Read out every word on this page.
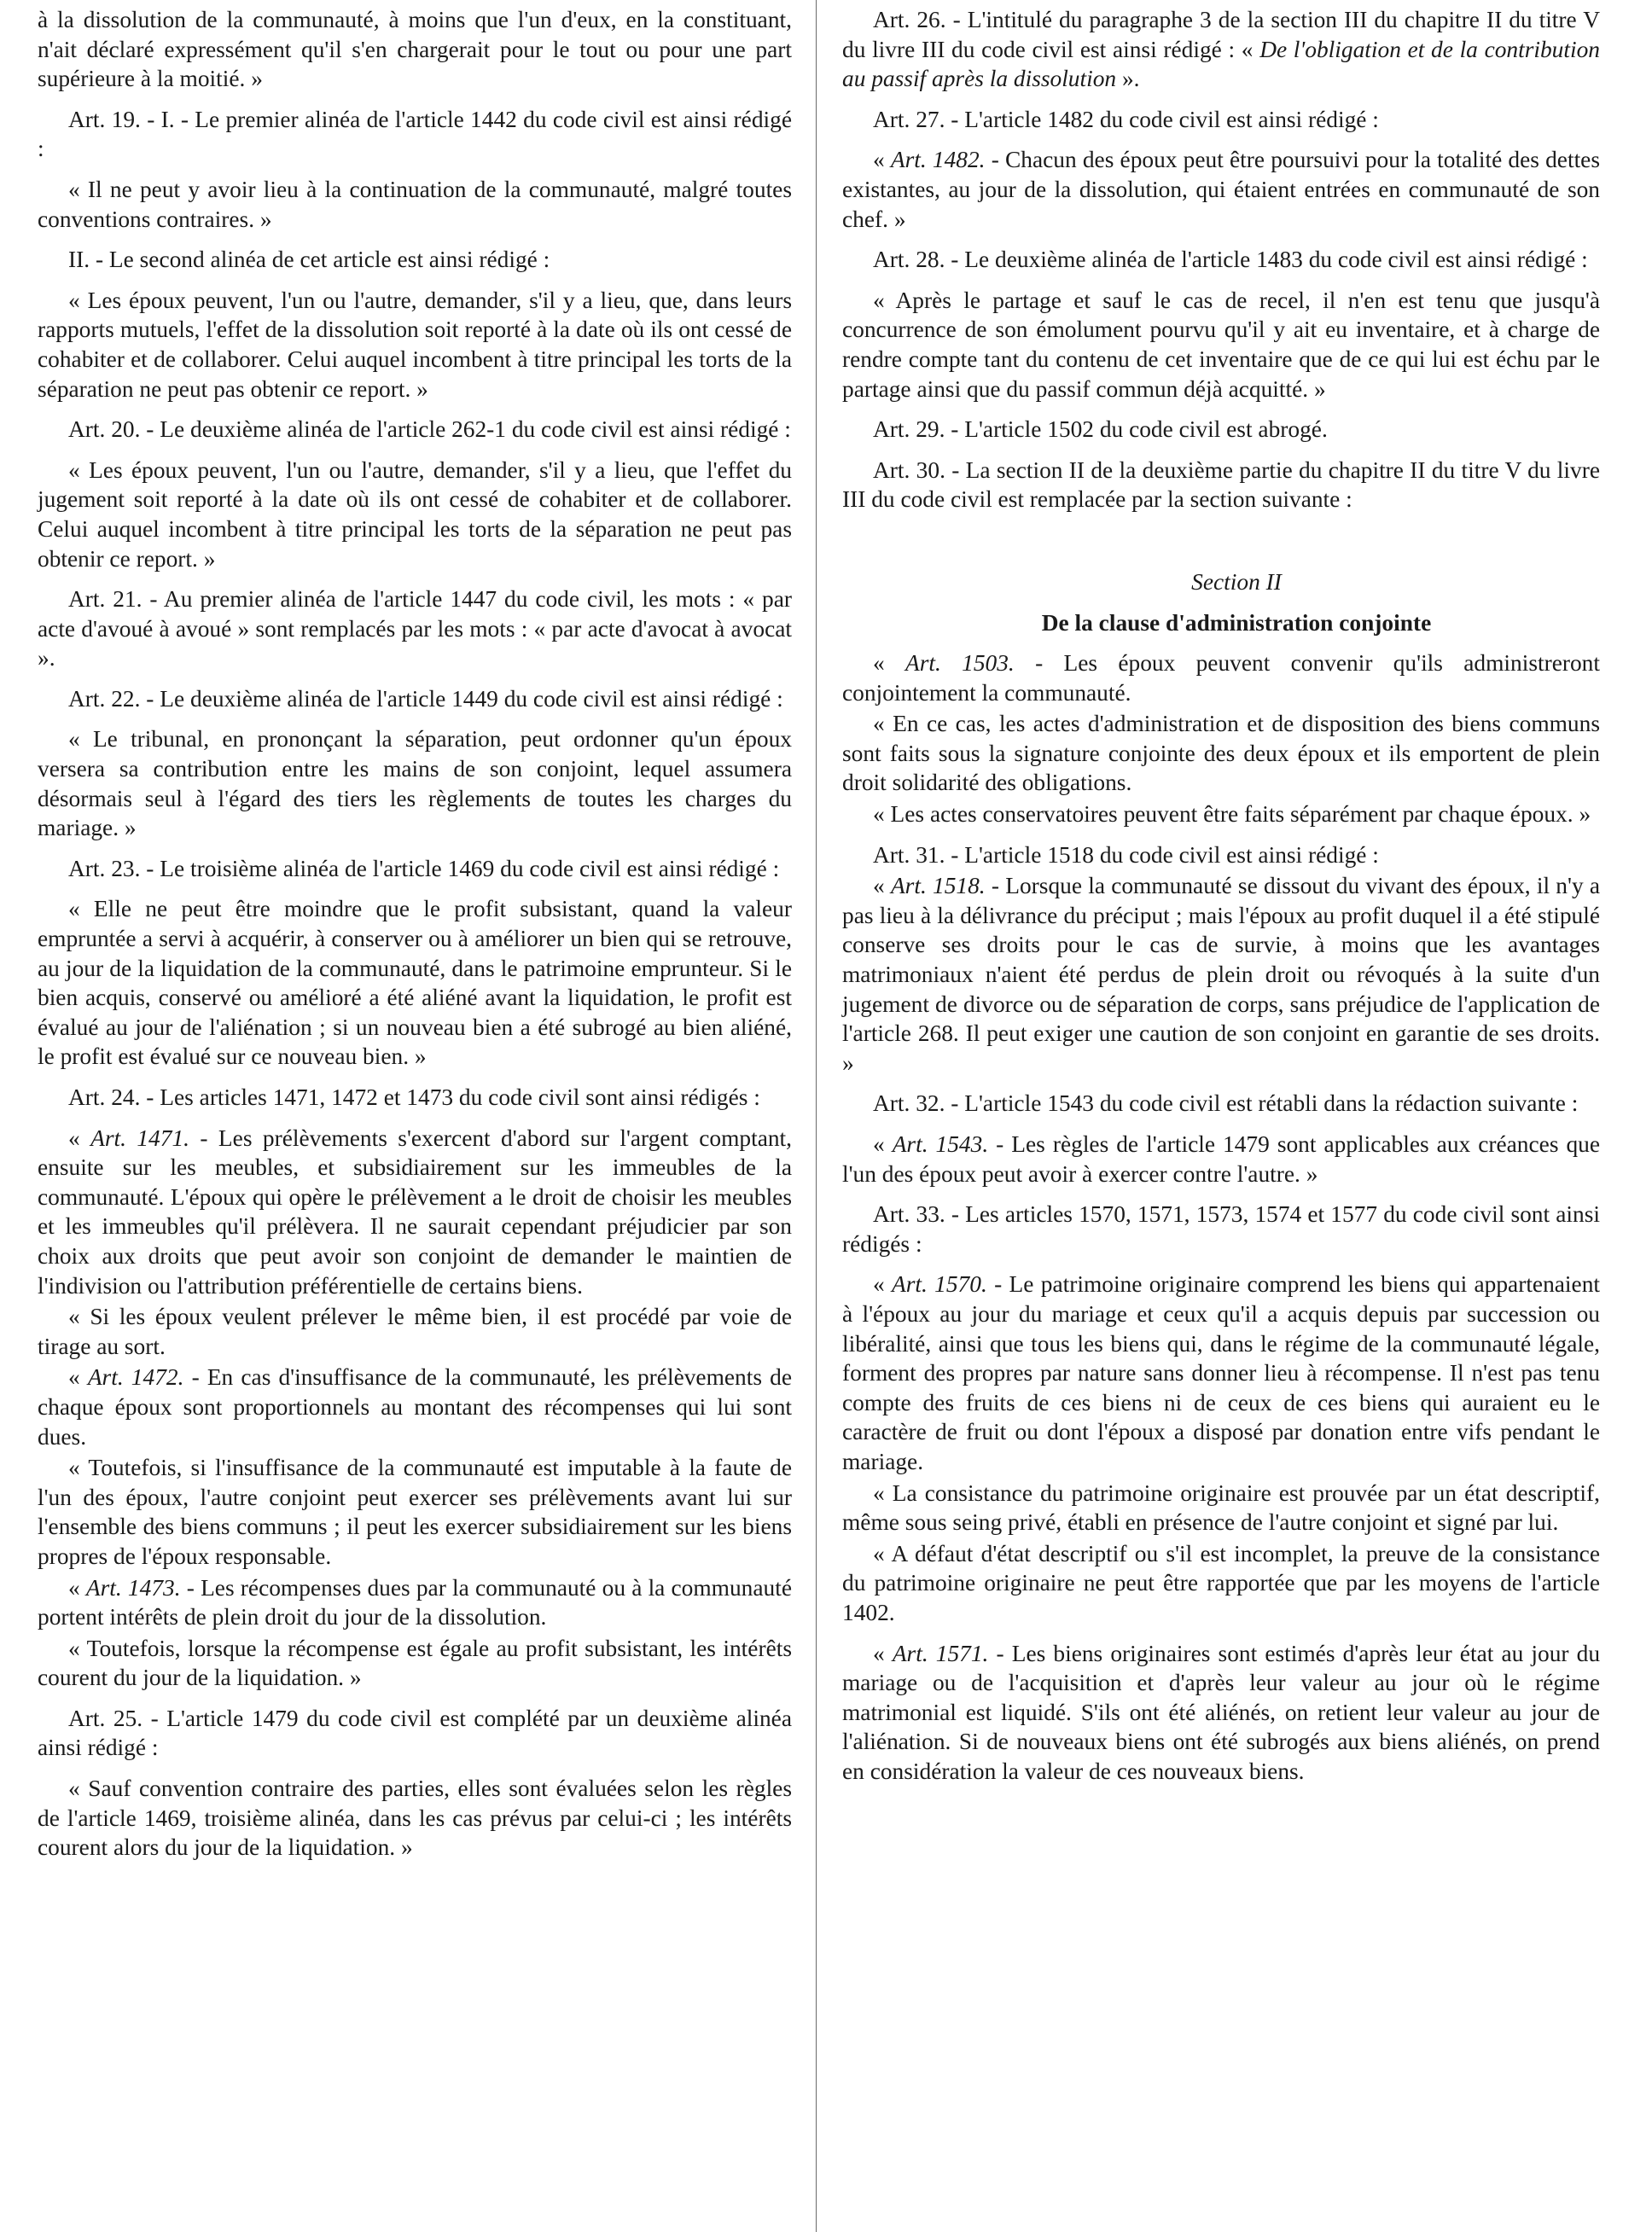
à la dissolution de la communauté, à moins que l'un d'eux, en la constituant, n'ait déclaré expressément qu'il s'en chargerait pour le tout ou pour une part supérieure à la moitié. »

Art. 19. - I. - Le premier alinéa de l'article 1442 du code civil est ainsi rédigé :

« Il ne peut y avoir lieu à la continuation de la communauté, malgré toutes conventions contraires. »

II. - Le second alinéa de cet article est ainsi rédigé :

« Les époux peuvent, l'un ou l'autre, demander, s'il y a lieu, que, dans leurs rapports mutuels, l'effet de la dissolution soit reporté à la date où ils ont cessé de cohabiter et de collaborer. Celui auquel incombent à titre principal les torts de la séparation ne peut pas obtenir ce report. »

Art. 20. - Le deuxième alinéa de l'article 262-1 du code civil est ainsi rédigé :

« Les époux peuvent, l'un ou l'autre, demander, s'il y a lieu, que l'effet du jugement soit reporté à la date où ils ont cessé de cohabiter et de collaborer. Celui auquel incombent à titre principal les torts de la séparation ne peut pas obtenir ce report. »

Art. 21. - Au premier alinéa de l'article 1447 du code civil, les mots : « par acte d'avoué à avoué » sont remplacés par les mots : « par acte d'avocat à avocat ».

Art. 22. - Le deuxième alinéa de l'article 1449 du code civil est ainsi rédigé :

« Le tribunal, en prononçant la séparation, peut ordonner qu'un époux versera sa contribution entre les mains de son conjoint, lequel assumera désormais seul à l'égard des tiers les règlements de toutes les charges du mariage. »

Art. 23. - Le troisième alinéa de l'article 1469 du code civil est ainsi rédigé :

« Elle ne peut être moindre que le profit subsistant, quand la valeur empruntée a servi à acquérir, à conserver ou à améliorer un bien qui se retrouve, au jour de la liquidation de la communauté, dans le patrimoine emprunteur. Si le bien acquis, conservé ou amélioré a été aliéné avant la liquidation, le profit est évalué au jour de l'aliénation ; si un nouveau bien a été subrogé au bien aliéné, le profit est évalué sur ce nouveau bien. »

Art. 24. - Les articles 1471, 1472 et 1473 du code civil sont ainsi rédigés :

« Art. 1471. - Les prélèvements s'exercent d'abord sur l'argent comptant, ensuite sur les meubles, et subsidiairement sur les immeubles de la communauté. L'époux qui opère le prélèvement a le droit de choisir les meubles et les immeubles qu'il prélèvera. Il ne saurait cependant préjudicier par son choix aux droits que peut avoir son conjoint de demander le maintien de l'indivision ou l'attribution préférentielle de certains biens.

« Si les époux veulent prélever le même bien, il est procédé par voie de tirage au sort.

« Art. 1472. - En cas d'insuffisance de la communauté, les prélèvements de chaque époux sont proportionnels au montant des récompenses qui lui sont dues.

« Toutefois, si l'insuffisance de la communauté est imputable à la faute de l'un des époux, l'autre conjoint peut exercer ses prélèvements avant lui sur l'ensemble des biens communs ; il peut les exercer subsidiairement sur les biens propres de l'époux responsable.

« Art. 1473. - Les récompenses dues par la communauté ou à la communauté portent intérêts de plein droit du jour de la dissolution.

« Toutefois, lorsque la récompense est égale au profit subsistant, les intérêts courent du jour de la liquidation. »

Art. 25. - L'article 1479 du code civil est complété par un deuxième alinéa ainsi rédigé :

« Sauf convention contraire des parties, elles sont évaluées selon les règles de l'article 1469, troisième alinéa, dans les cas prévus par celui-ci ; les intérêts courent alors du jour de la liquidation. »

Art. 26. - L'intitulé du paragraphe 3 de la section III du chapitre II du titre V du livre III du code civil est ainsi rédigé : « De l'obligation et de la contribution au passif après la dissolution ».

Art. 27. - L'article 1482 du code civil est ainsi rédigé :

« Art. 1482. - Chacun des époux peut être poursuivi pour la totalité des dettes existantes, au jour de la dissolution, qui étaient entrées en communauté de son chef. »

Art. 28. - Le deuxième alinéa de l'article 1483 du code civil est ainsi rédigé :

« Après le partage et sauf le cas de recel, il n'en est tenu que jusqu'à concurrence de son émolument pourvu qu'il y ait eu inventaire, et à charge de rendre compte tant du contenu de cet inventaire que de ce qui lui est échu par le partage ainsi que du passif commun déjà acquitté. »

Art. 29. - L'article 1502 du code civil est abrogé.

Art. 30. - La section II de la deuxième partie du chapitre II du titre V du livre III du code civil est remplacée par la section suivante :

Section II

De la clause d'administration conjointe

« Art. 1503. - Les époux peuvent convenir qu'ils administreront conjointement la communauté.

« En ce cas, les actes d'administration et de disposition des biens communs sont faits sous la signature conjointe des deux époux et ils emportent de plein droit solidarité des obligations.

« Les actes conservatoires peuvent être faits séparément par chaque époux. »

Art. 31. - L'article 1518 du code civil est ainsi rédigé :

« Art. 1518. - Lorsque la communauté se dissout du vivant des époux, il n'y a pas lieu à la délivrance du préciput ; mais l'époux au profit duquel il a été stipulé conserve ses droits pour le cas de survie, à moins que les avantages matrimoniaux n'aient été perdus de plein droit ou révoqués à la suite d'un jugement de divorce ou de séparation de corps, sans préjudice de l'application de l'article 268. Il peut exiger une caution de son conjoint en garantie de ses droits. »

Art. 32. - L'article 1543 du code civil est rétabli dans la rédaction suivante :

« Art. 1543. - Les règles de l'article 1479 sont applicables aux créances que l'un des époux peut avoir à exercer contre l'autre. »

Art. 33. - Les articles 1570, 1571, 1573, 1574 et 1577 du code civil sont ainsi rédigés :

« Art. 1570. - Le patrimoine originaire comprend les biens qui appartenaient à l'époux au jour du mariage et ceux qu'il a acquis depuis par succession ou libéralité, ainsi que tous les biens qui, dans le régime de la communauté légale, forment des propres par nature sans donner lieu à récompense. Il n'est pas tenu compte des fruits de ces biens ni de ceux de ces biens qui auraient eu le caractère de fruit ou dont l'époux a disposé par donation entre vifs pendant le mariage.

« La consistance du patrimoine originaire est prouvée par un état descriptif, même sous seing privé, établi en présence de l'autre conjoint et signé par lui.

« A défaut d'état descriptif ou s'il est incomplet, la preuve de la consistance du patrimoine originaire ne peut être rapportée que par les moyens de l'article 1402.

« Art. 1571. - Les biens originaires sont estimés d'après leur état au jour du mariage ou de l'acquisition et d'après leur valeur au jour où le régime matrimonial est liquidé. S'ils ont été aliénés, on retient leur valeur au jour de l'aliénation. Si de nouveaux biens ont été subrogés aux biens aliénés, on prend en considération la valeur de ces nouveaux biens.
